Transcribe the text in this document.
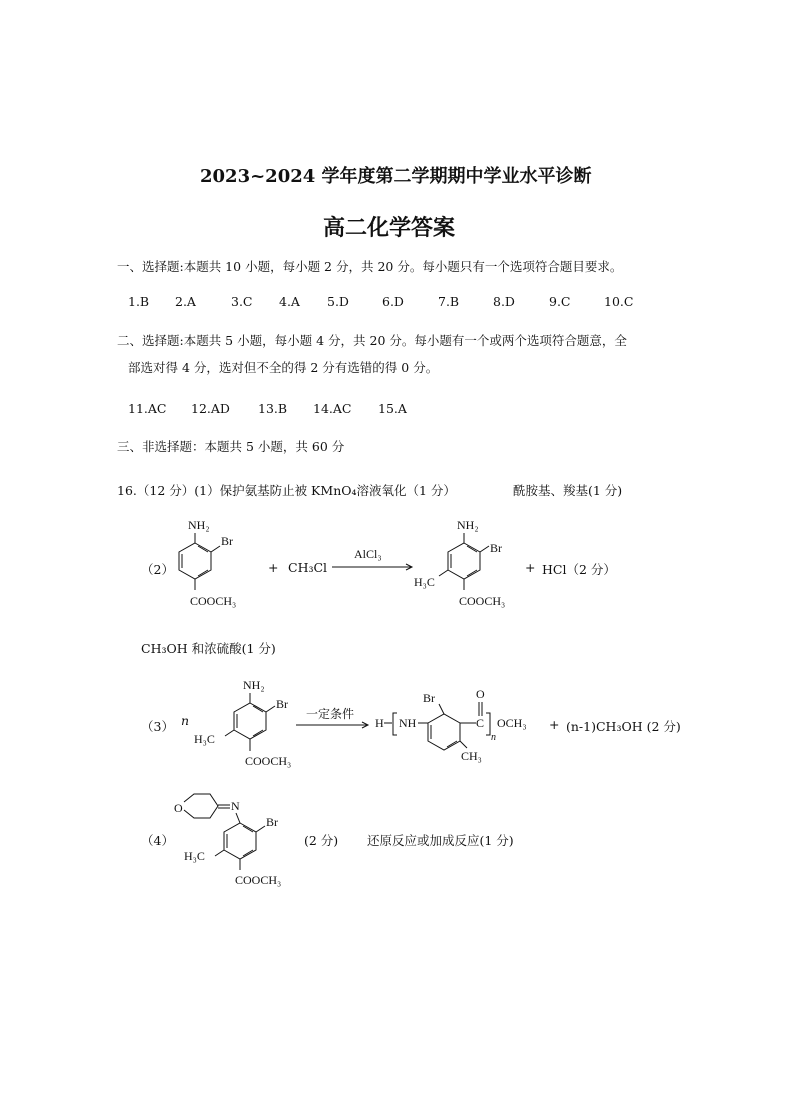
2023~2024 学年度第二学期期中学业水平诊断
高二化学答案
一、选择题:本题共 10 小题，每小题 2 分，共 20 分。每小题只有一个选项符合题目要求。
1.B 2.A	3.C 4.A 5.D	6.D	7.B	8.D	9.C	10.C
二、选择题:本题共 5 小题，每小题 4 分，共 20 分。每小题有一个或两个选项符合题意，全
部选对得 4 分，选对但不全的得 2 分有选错的得 0 分。
11.AC 12.AD 13.B 14.AC 15.A
三、非选择题：本题共 5 小题，共 60 分
16.（12 分）(1）保护氨基防止被 KMnO₄溶液氧化（1 分）	酰胺基、羧基(1 分)
（2）
NH₂
Br
COOCH₃
+ CH₃Cl
AlCl₃
NH₂
Br
H₃C
COOCH₃
+ HCl（2 分）
CH₃OH 和浓硫酸(1 分)
（3） n
NH₂
Br
H₃C
COOCH₃
一定条件
H NH
Br
C
O
n
OCH₃
CH₃
+ (n-1)CH₃OH (2 分)
（4）
O	N
Br
H₃C
COOCH₃
(2 分) 还原反应或加成反应(1 分)
